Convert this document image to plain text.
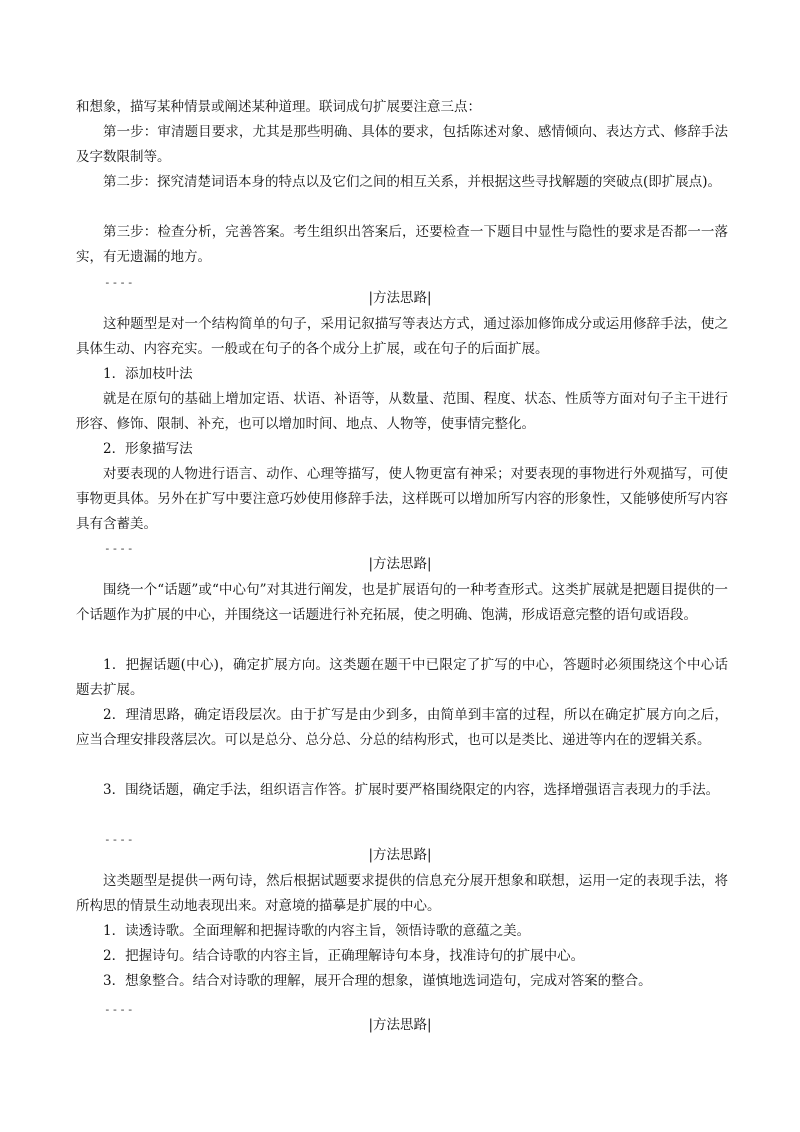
和想象，描写某种情景或阐述某种道理。联词成句扩展要注意三点：

第一步：审清题目要求，尤其是那些明确、具体的要求，包括陈述对象、感情倾向、表达方式、修辞手法及字数限制等。

第二步：探究清楚词语本身的特点以及它们之间的相互关系，并根据这些寻找解题的突破点(即扩展点)。

第三步：检查分析，完善答案。考生组织出答案后，还要检查一下题目中显性与隐性的要求是否都一一落实，有无遗漏的地方。

----
|方法思路|

这种题型是对一个结构简单的句子，采用记叙描写等表达方式，通过添加修饰成分或运用修辞手法，使之具体生动、内容充实。一般或在句子的各个成分上扩展，或在句子的后面扩展。

1．添加枝叶法

就是在原句的基础上增加定语、状语、补语等，从数量、范围、程度、状态、性质等方面对句子主干进行形容、修饰、限制、补充，也可以增加时间、地点、人物等，使事情完整化。

2．形象描写法

对要表现的人物进行语言、动作、心理等描写，使人物更富有神采；对要表现的事物进行外观描写，可使事物更具体。另外在扩写中要注意巧妙使用修辞手法，这样既可以增加所写内容的形象性，又能够使所写内容具有含蓄美。

----
|方法思路|

围绕一个“话题”或“中心句”对其进行阐发，也是扩展语句的一种考查形式。这类扩展就是把题目提供的一个话题作为扩展的中心，并围绕这一话题进行补充拓展，使之明确、饱满，形成语意完整的语句或语段。

1．把握话题(中心)，确定扩展方向。这类题在题干中已限定了扩写的中心，答题时必须围绕这个中心话题去扩展。

2．理清思路，确定语段层次。由于扩写是由少到多，由简单到丰富的过程，所以在确定扩展方向之后，应当合理安排段落层次。可以是总分、总分总、分总的结构形式，也可以是类比、递进等内在的逻辑关系。

3．围绕话题，确定手法，组织语言作答。扩展时要严格围绕限定的内容，选择增强语言表现力的手法。

----
|方法思路|

这类题型是提供一两句诗，然后根据试题要求提供的信息充分展开想象和联想，运用一定的表现手法，将所构思的情景生动地表现出来。对意境的描摹是扩展的中心。

1．读透诗歌。全面理解和把握诗歌的内容主旨，领悟诗歌的意蕴之美。

2．把握诗句。结合诗歌的内容主旨，正确理解诗句本身，找准诗句的扩展中心。

3．想象整合。结合对诗歌的理解，展开合理的想象，谨慎地选词造句，完成对答案的整合。

----
|方法思路|
